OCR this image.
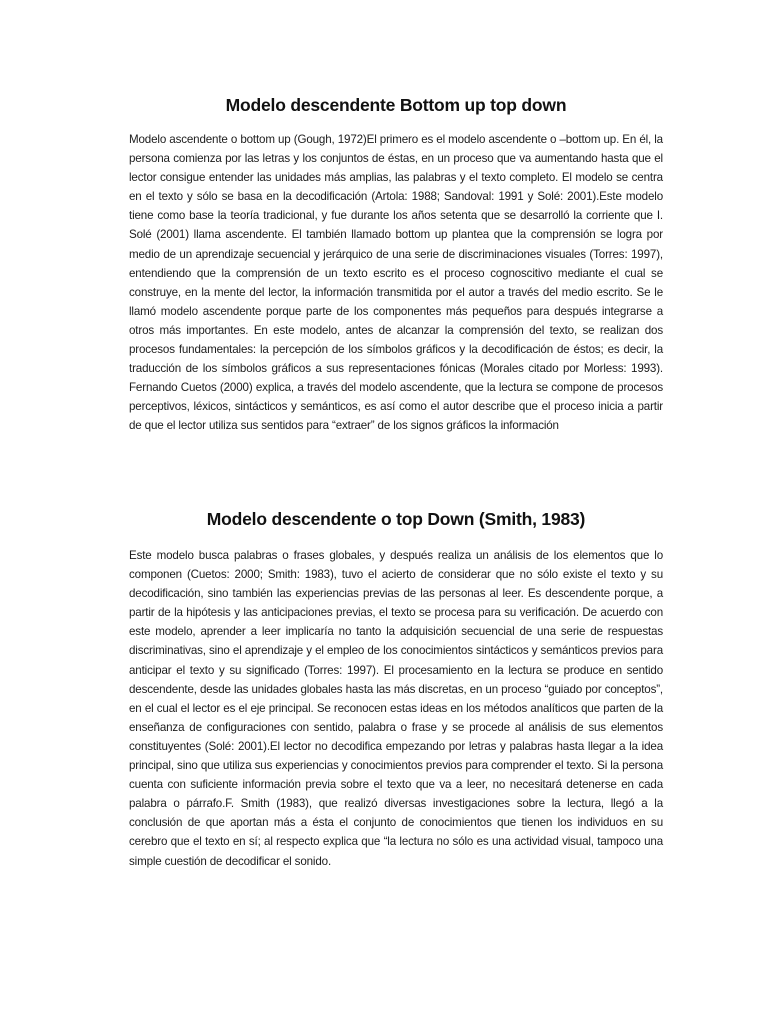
Modelo descendente Bottom up top down

Modelo ascendente o bottom up (Gough, 1972)El primero es el modelo ascendente o –bottom up. En él, la persona comienza por las letras y los conjuntos de éstas, en un proceso que va aumentando hasta que el lector consigue entender las unidades más amplias, las palabras y el texto completo. El modelo se centra en el texto y sólo se basa en la decodificación (Artola: 1988; Sandoval: 1991 y Solé: 2001).Este modelo tiene como base la teoría tradicional, y fue durante los años setenta que se desarrolló la corriente que I. Solé (2001) llama ascendente. El también llamado bottom up plantea que la comprensión se logra por medio de un aprendizaje secuencial y jerárquico de una serie de discriminaciones visuales (Torres: 1997), entendiendo que la comprensión de un texto escrito es el proceso cognoscitivo mediante el cual se construye, en la mente del lector, la información transmitida por el autor a través del medio escrito. Se le llamó modelo ascendente porque parte de los componentes más pequeños para después integrarse a otros más importantes. En este modelo, antes de alcanzar la comprensión del texto, se realizan dos procesos fundamentales: la percepción de los símbolos gráficos y la decodificación de éstos; es decir, la traducción de los símbolos gráficos a sus representaciones fónicas (Morales citado por Morless: 1993). Fernando Cuetos (2000) explica, a través del modelo ascendente, que la lectura se compone de procesos perceptivos, léxicos, sintácticos y semánticos, es así como el autor describe que el proceso inicia a partir de que el lector utiliza sus sentidos para “extraer” de los signos gráficos la información

Modelo descendente o top Down (Smith, 1983)

Este modelo busca palabras o frases globales, y después realiza un análisis de los elementos que lo componen (Cuetos: 2000; Smith: 1983), tuvo el acierto de considerar que no sólo existe el texto y su decodificación, sino también las experiencias previas de las personas al leer. Es descendente porque, a partir de la hipótesis y las anticipaciones previas, el texto se procesa para su verificación. De acuerdo con este modelo, aprender a leer implicaría no tanto la adquisición secuencial de una serie de respuestas discriminativas, sino el aprendizaje y el empleo de los conocimientos sintácticos y semánticos previos para anticipar el texto y su significado (Torres: 1997). El procesamiento en la lectura se produce en sentido descendente, desde las unidades globales hasta las más discretas, en un proceso “guiado por conceptos”, en el cual el lector es el eje principal. Se reconocen estas ideas en los métodos analíticos que parten de la enseñanza de configuraciones con sentido, palabra o frase y se procede al análisis de sus elementos constituyentes (Solé: 2001).El lector no decodifica empezando por letras y palabras hasta llegar a la idea principal, sino que utiliza sus experiencias y conocimientos previos para comprender el texto. Si la persona cuenta con suficiente información previa sobre el texto que va a leer, no necesitará detenerse en cada palabra o párrafo.F. Smith (1983), que realizó diversas investigaciones sobre la lectura, llegó a la conclusión de que aportan más a ésta el conjunto de conocimientos que tienen los individuos en su cerebro que el texto en sí; al respecto explica que “la lectura no sólo es una actividad visual, tampoco una simple cuestión de decodificar el sonido.
